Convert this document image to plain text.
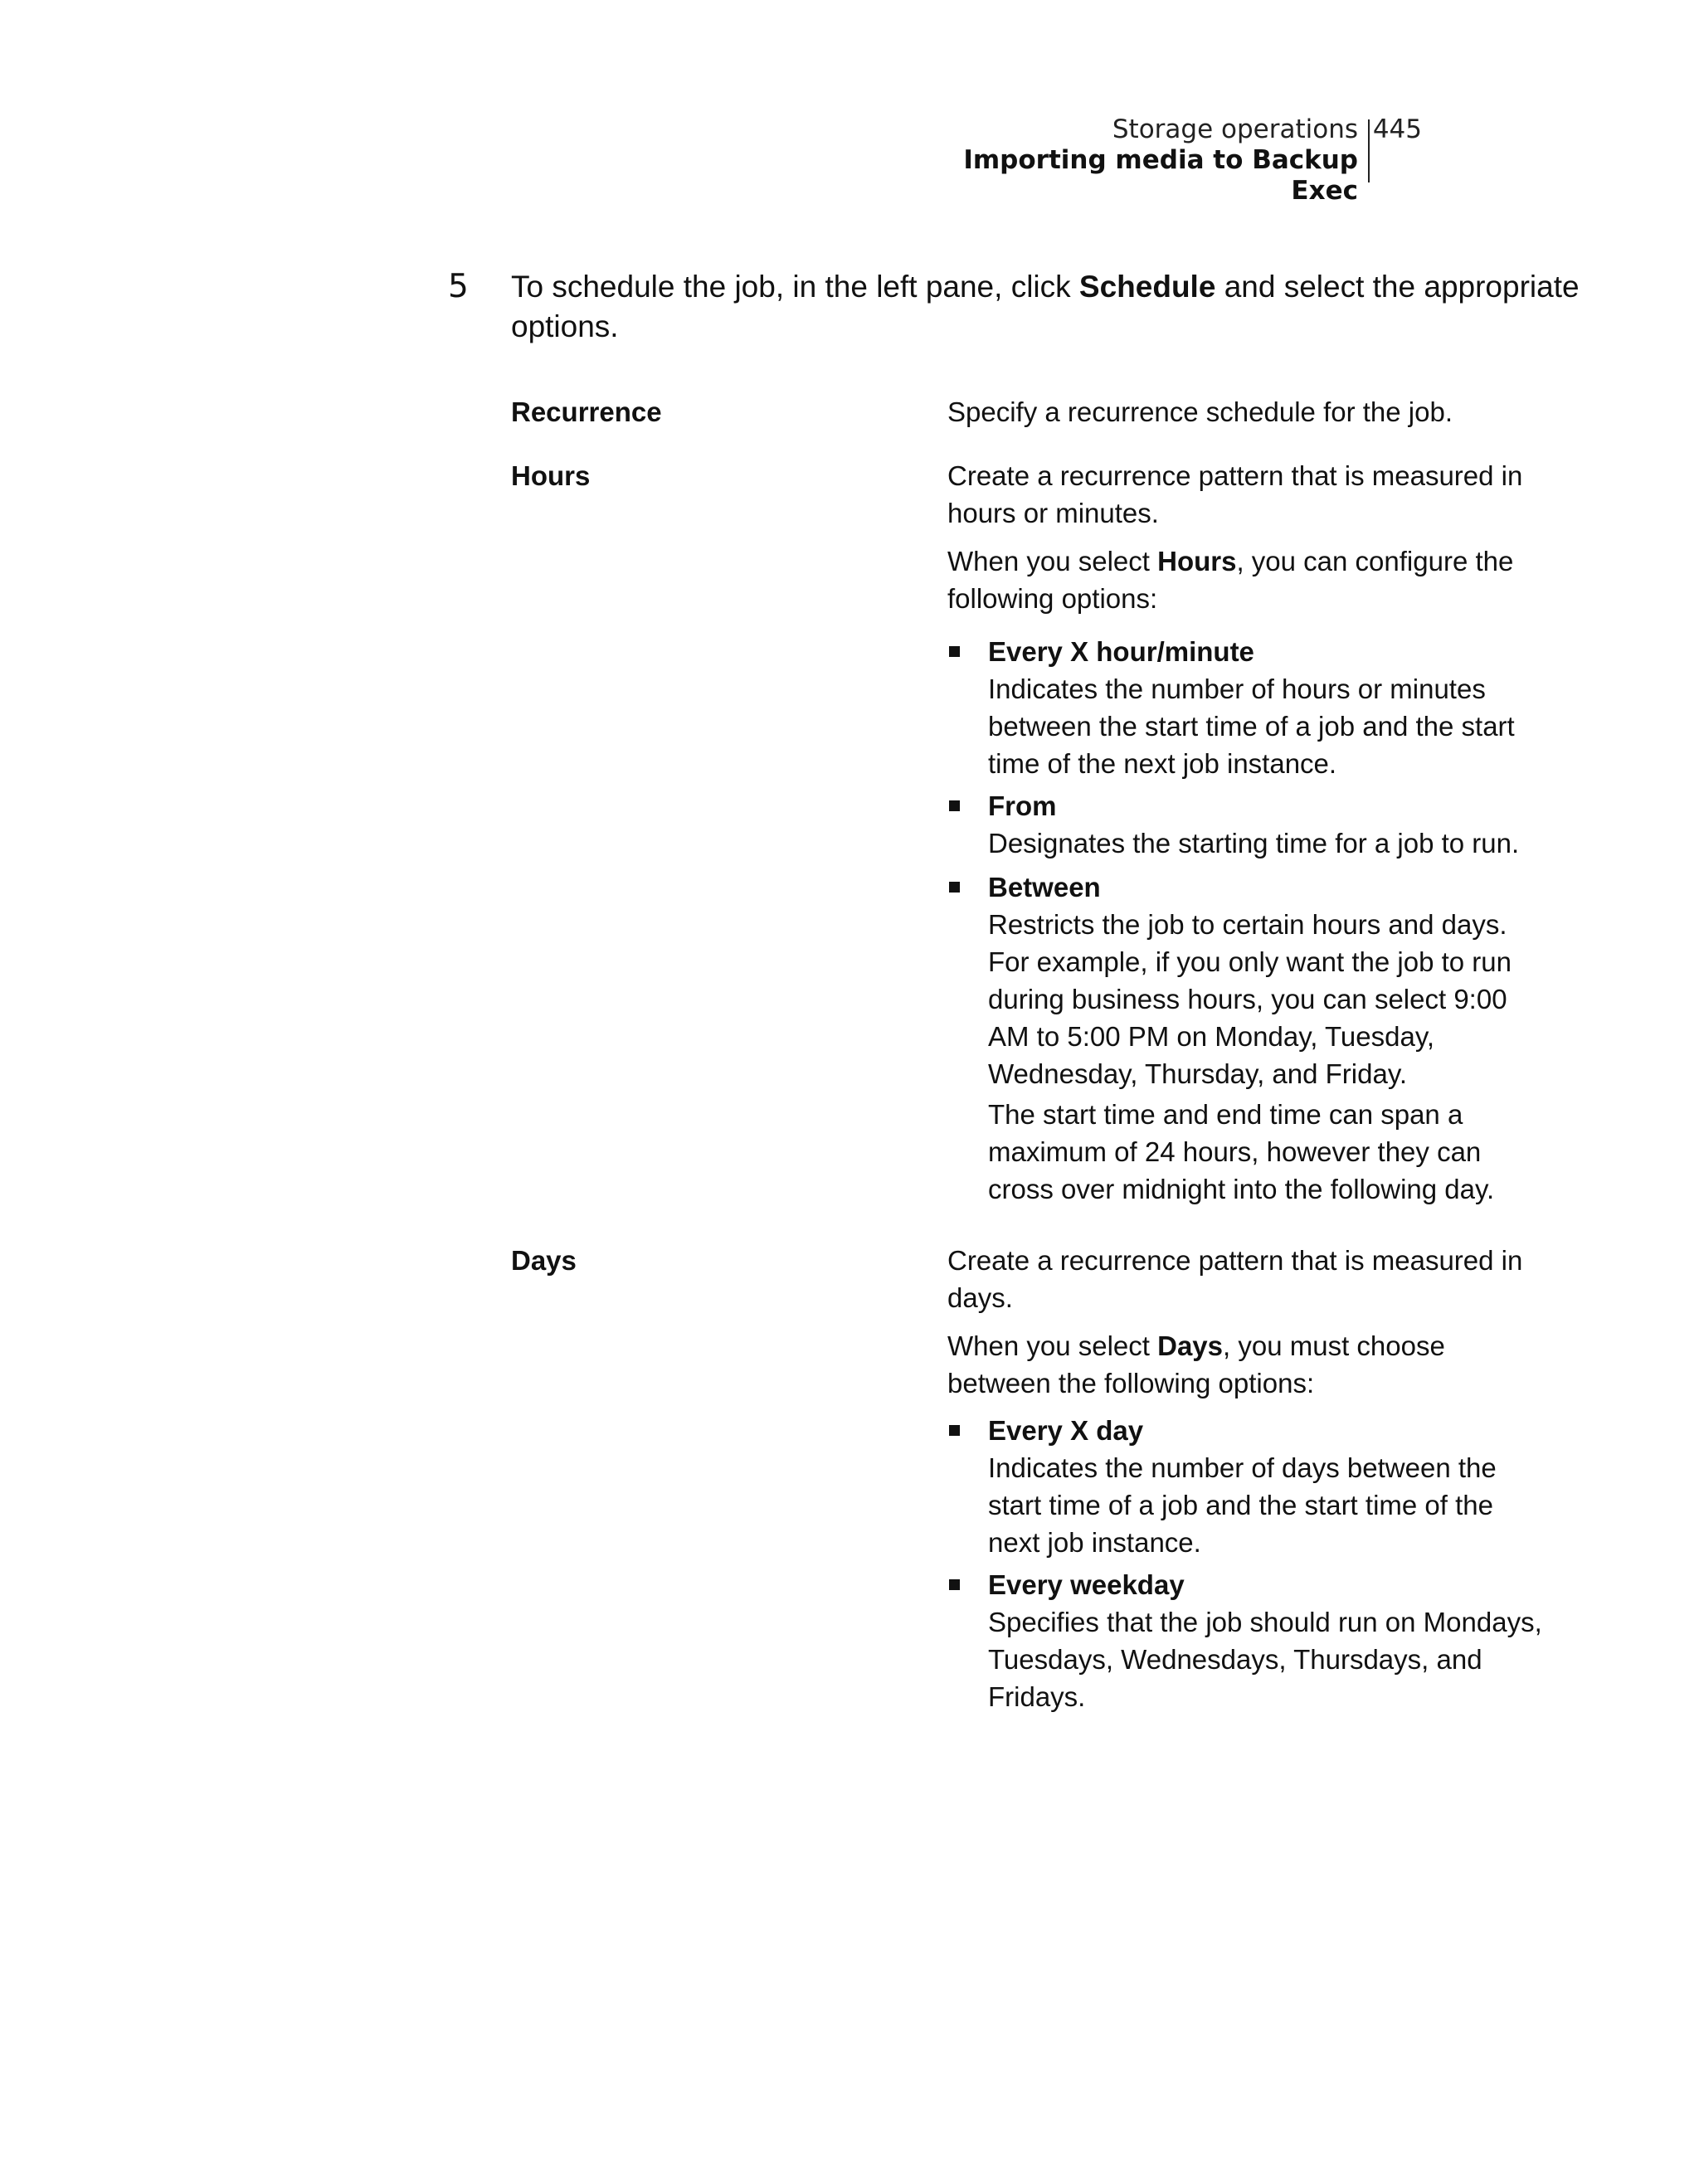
Storage operations
Importing media to Backup Exec
445
5 To schedule the job, in the left pane, click Schedule and select the appropriate options.
Recurrence	Specify a recurrence schedule for the job.

Hours	Create a recurrence pattern that is measured in hours or minutes.

When you select Hours, you can configure the following options:

Every X hour/minute

Indicates the number of hours or minutes between the start time of a job and the start time of the next job instance.

From

Designates the starting time for a job to run.

Between

Restricts the job to certain hours and days. For example, if you only want the job to run during business hours, you can select 9:00 AM to 5:00 PM on Monday, Tuesday, Wednesday, Thursday, and Friday.

The start time and end time can span a maximum of 24 hours, however they can cross over midnight into the following day.

Days	Create a recurrence pattern that is measured in days.

When you select Days, you must choose between the following options:

Every X day

Indicates the number of days between the start time of a job and the start time of the next job instance.

Every weekday

Specifies that the job should run on Mondays, Tuesdays, Wednesdays, Thursdays, and Fridays.
